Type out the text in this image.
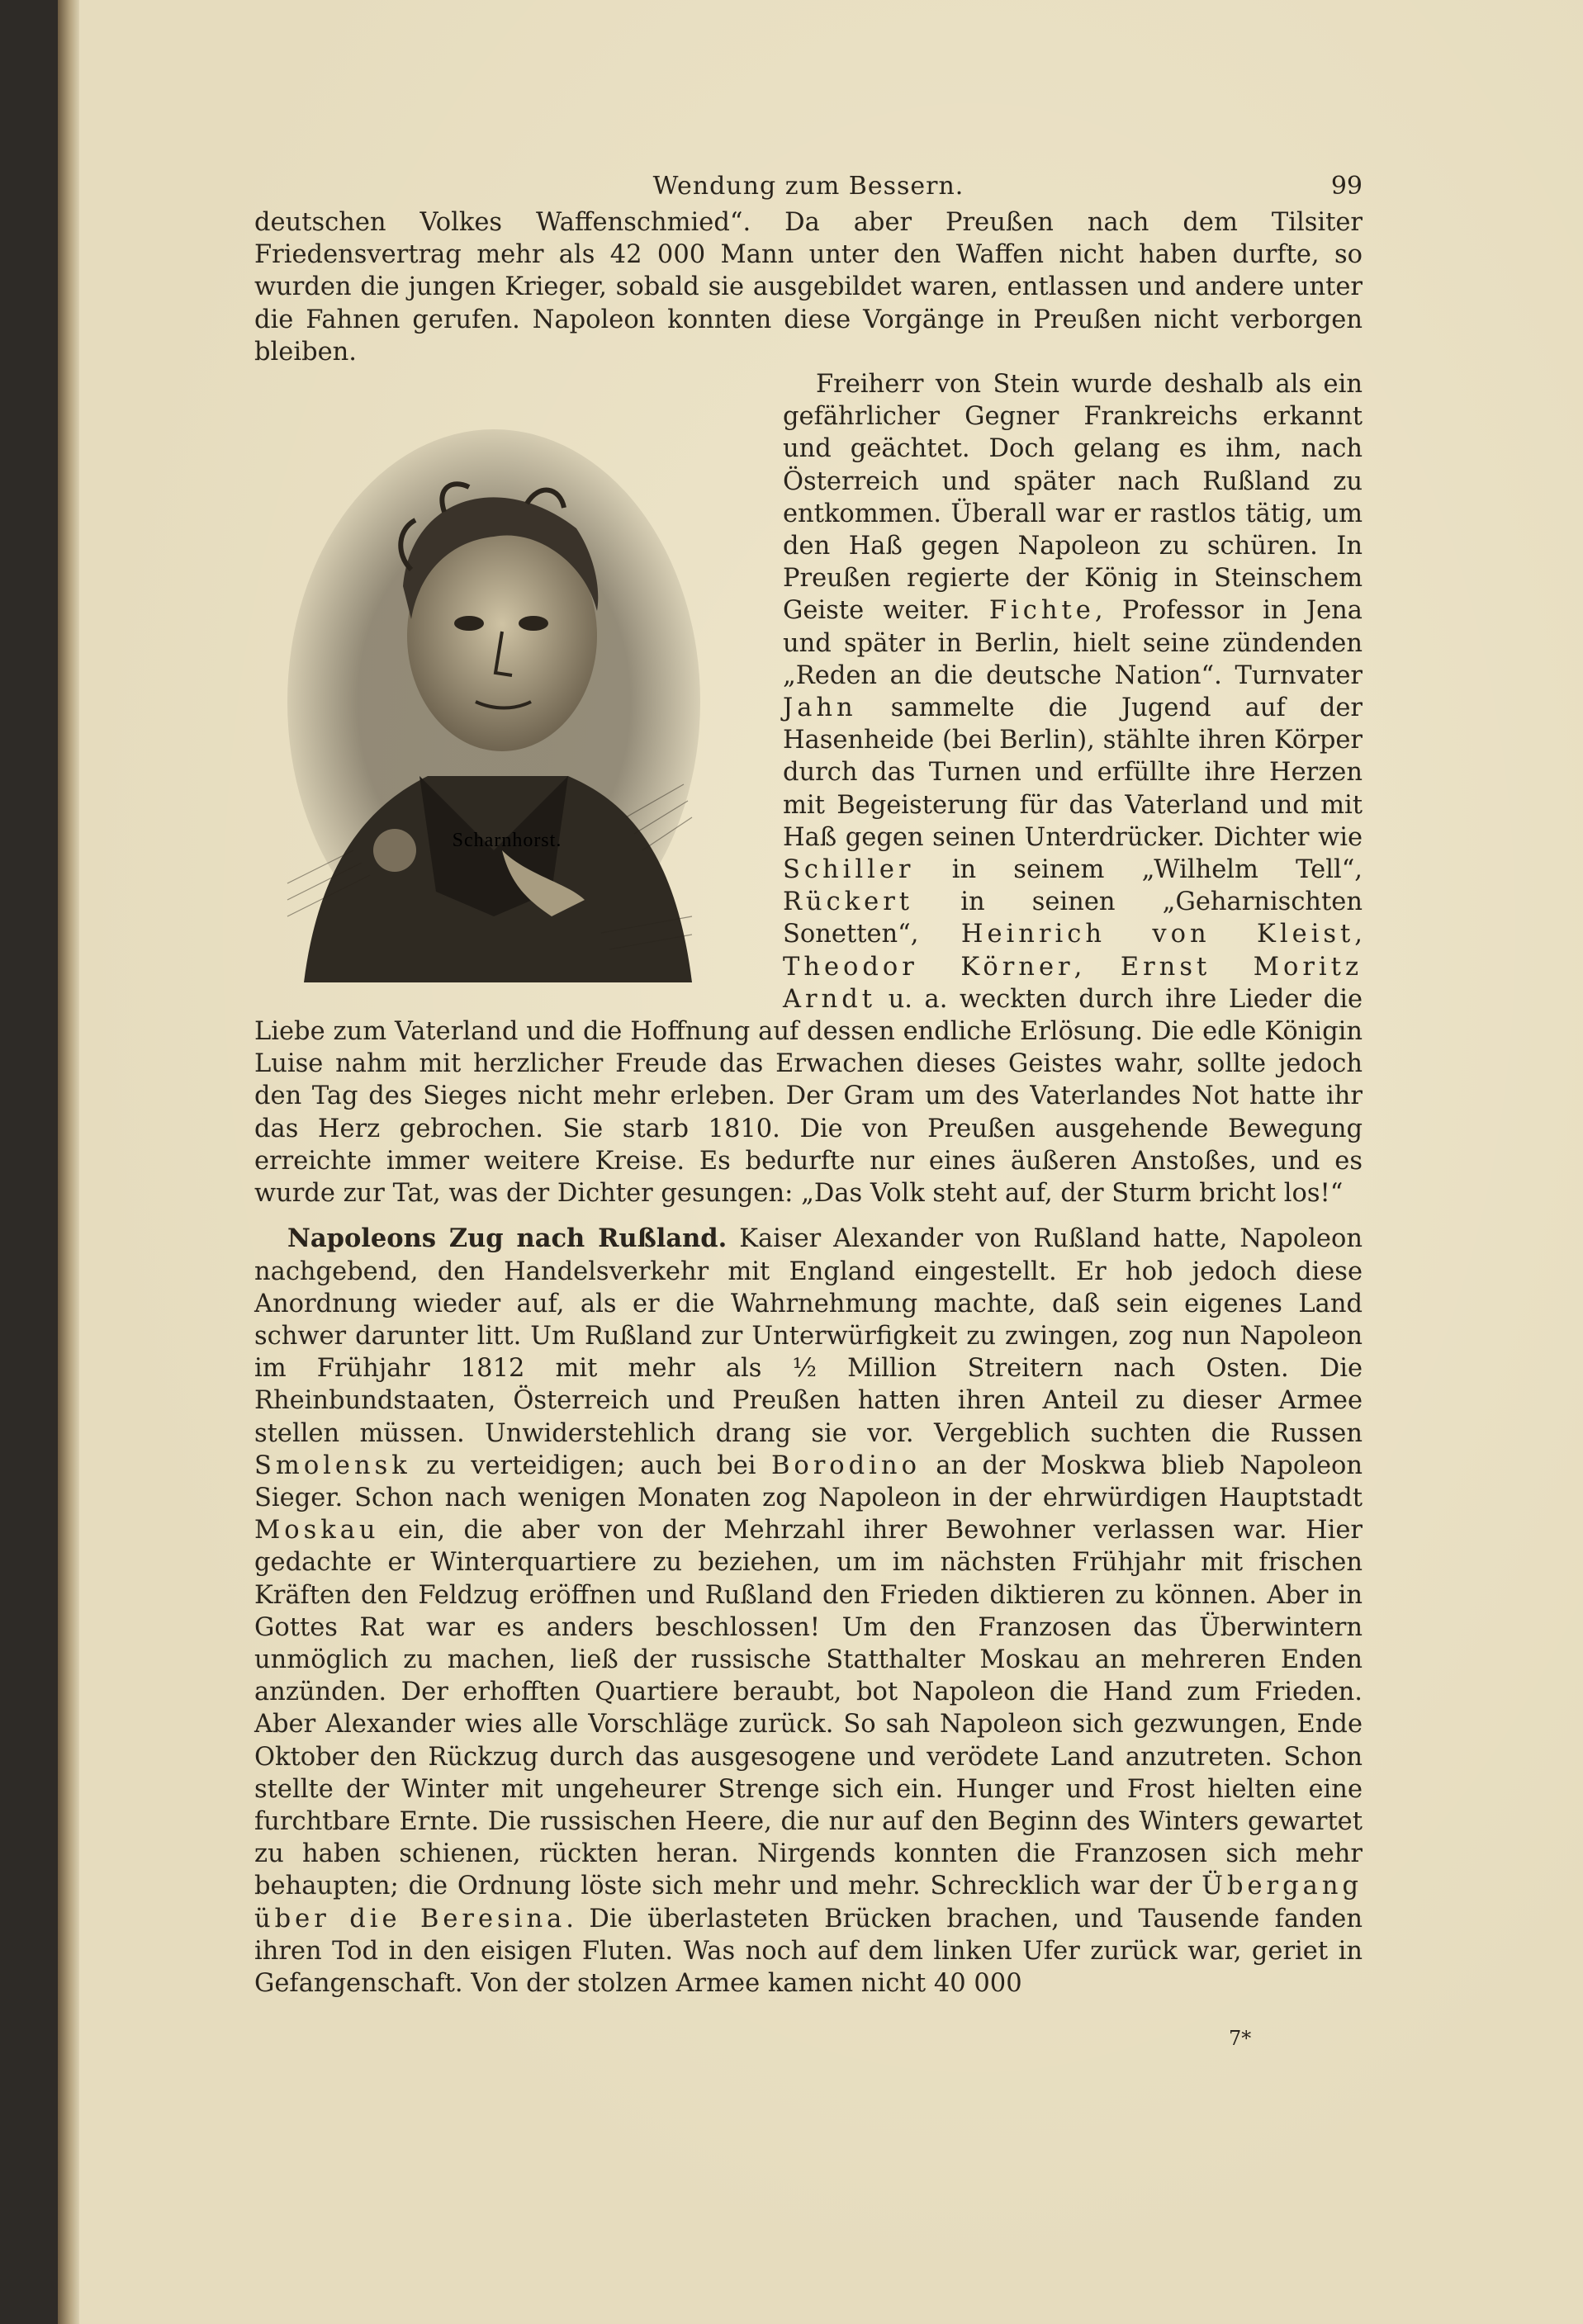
Wendung zum Bessern.	99

deutschen Volkes Waffenschmied“. Da aber Preußen nach dem Tilsiter Friedensvertrag mehr als 42 000 Mann unter den Waffen nicht haben durfte, so wurden die jungen Krieger, sobald sie ausgebildet waren, entlassen und andere unter die Fahnen gerufen. Napoleon konnten diese Vorgänge in Preußen nicht verborgen bleiben.

Freiherr von Stein wurde deshalb als ein gefährlicher Gegner Frankreichs erkannt und geächtet. Doch gelang es ihm, nach Österreich und später nach Rußland zu entkommen. Überall war er rastlos tätig, um den Haß gegen Napoleon zu schüren. In Preußen regierte der König in Steinschem Geiste weiter. Fichte, Professor in Jena und später in Berlin, hielt seine zündenden „Reden an die deutsche Nation“. Turnvater Jahn sammelte die Jugend auf der Hasenheide (bei Berlin), stählte ihren Körper durch das Turnen und erfüllte ihre Herzen mit Begeisterung für das Vaterland und mit Haß gegen seinen Unterdrücker. Dichter wie Schiller in seinem „Wilhelm Tell“, Rückert in seinen „Geharnischten Sonetten“, Heinrich von Kleist, Theodor Körner, Ernst Moritz Arndt u. a. weckten durch ihre Lieder die Liebe zum Vaterland und die Hoffnung auf dessen endliche Erlösung. Die edle Königin Luise nahm mit herzlicher Freude das Erwachen dieses Geistes wahr, sollte jedoch den Tag des Sieges nicht mehr erleben. Der Gram um des Vaterlandes Not hatte ihr das Herz gebrochen. Sie starb 1810. Die von Preußen ausgehende Bewegung erreichte immer weitere Kreise. Es bedurfte nur eines äußeren Anstoßes, und es wurde zur Tat, was der Dichter gesungen: „Das Volk steht auf, der Sturm bricht los!“

Napoleons Zug nach Rußland. Kaiser Alexander von Rußland hatte, Napoleon nachgebend, den Handelsverkehr mit England eingestellt. Er hob jedoch diese Anordnung wieder auf, als er die Wahrnehmung machte, daß sein eigenes Land schwer darunter litt. Um Rußland zur Unterwürfigkeit zu zwingen, zog nun Napoleon im Frühjahr 1812 mit mehr als ½ Million Streitern nach Osten. Die Rheinbundstaaten, Österreich und Preußen hatten ihren Anteil zu dieser Armee stellen müssen. Unwiderstehlich drang sie vor. Vergeblich suchten die Russen Smolensk zu verteidigen; auch bei Borodino an der Moskwa blieb Napoleon Sieger. Schon nach wenigen Monaten zog Napoleon in der ehrwürdigen Hauptstadt Moskau ein, die aber von der Mehrzahl ihrer Bewohner verlassen war. Hier gedachte er Winterquartiere zu beziehen, um im nächsten Frühjahr mit frischen Kräften den Feldzug eröffnen und Rußland den Frieden diktieren zu können. Aber in Gottes Rat war es anders beschlossen! Um den Franzosen das Überwintern unmöglich zu machen, ließ der russische Statthalter Moskau an mehreren Enden anzünden. Der erhofften Quartiere beraubt, bot Napoleon die Hand zum Frieden. Aber Alexander wies alle Vorschläge zurück. So sah Napoleon sich gezwungen, Ende Oktober den Rückzug durch das ausgesogene und verödete Land anzutreten. Schon stellte der Winter mit ungeheurer Strenge sich ein. Hunger und Frost hielten eine furchtbare Ernte. Die russischen Heere, die nur auf den Beginn des Winters gewartet zu haben schienen, rückten heran. Nirgends konnten die Franzosen sich mehr behaupten; die Ordnung löste sich mehr und mehr. Schrecklich war der Übergang über die Beresina. Die überlasteten Brücken brachen, und Tausende fanden ihren Tod in den eisigen Fluten. Was noch auf dem linken Ufer zurück war, geriet in Gefangenschaft. Von der stolzen Armee kamen nicht 40 000

Scharnhorst.
7*
